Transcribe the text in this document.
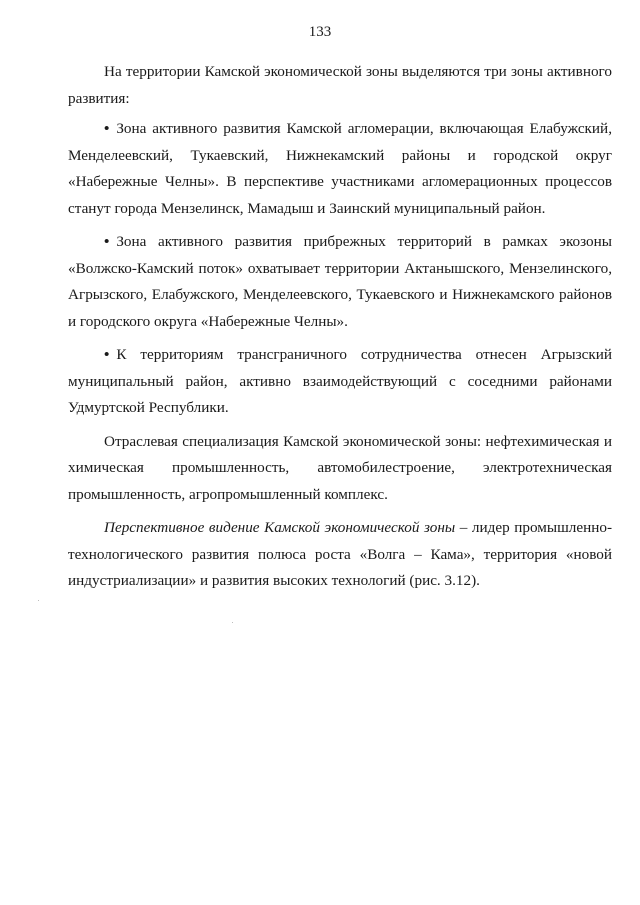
133

На территории Камской экономической зоны выделяются три зоны активного развития:

• Зона активного развития Камской агломерации, включающая Елабужский, Менделеевский, Тукаевский, Нижнекамский районы и городской округ «Набережные Челны». В перспективе участниками агломерационных процессов станут города Мензелинск, Мамадыш и Заинский муниципальный район.

• Зона активного развития прибрежных территорий в рамках экозоны «Волжско-Камский поток» охватывает территории Актанышского, Мензелинского, Агрызского, Елабужского, Менделеевского, Тукаевского и Нижнекамского районов и городского округа «Набережные Челны».

• К территориям трансграничного сотрудничества отнесен Агрызский муниципальный район, активно взаимодействующий с соседними районами Удмуртской Республики.

Отраслевая специализация Камской экономической зоны: нефтехимическая и химическая промышленность, автомобилестроение, электротехническая промышленность, агропромышленный комплекс.

Перспективное видение Камской экономической зоны – лидер промышленно-технологического развития полюса роста «Волга – Кама», территория «новой индустриализации» и развития высоких технологий (рис. 3.12).
